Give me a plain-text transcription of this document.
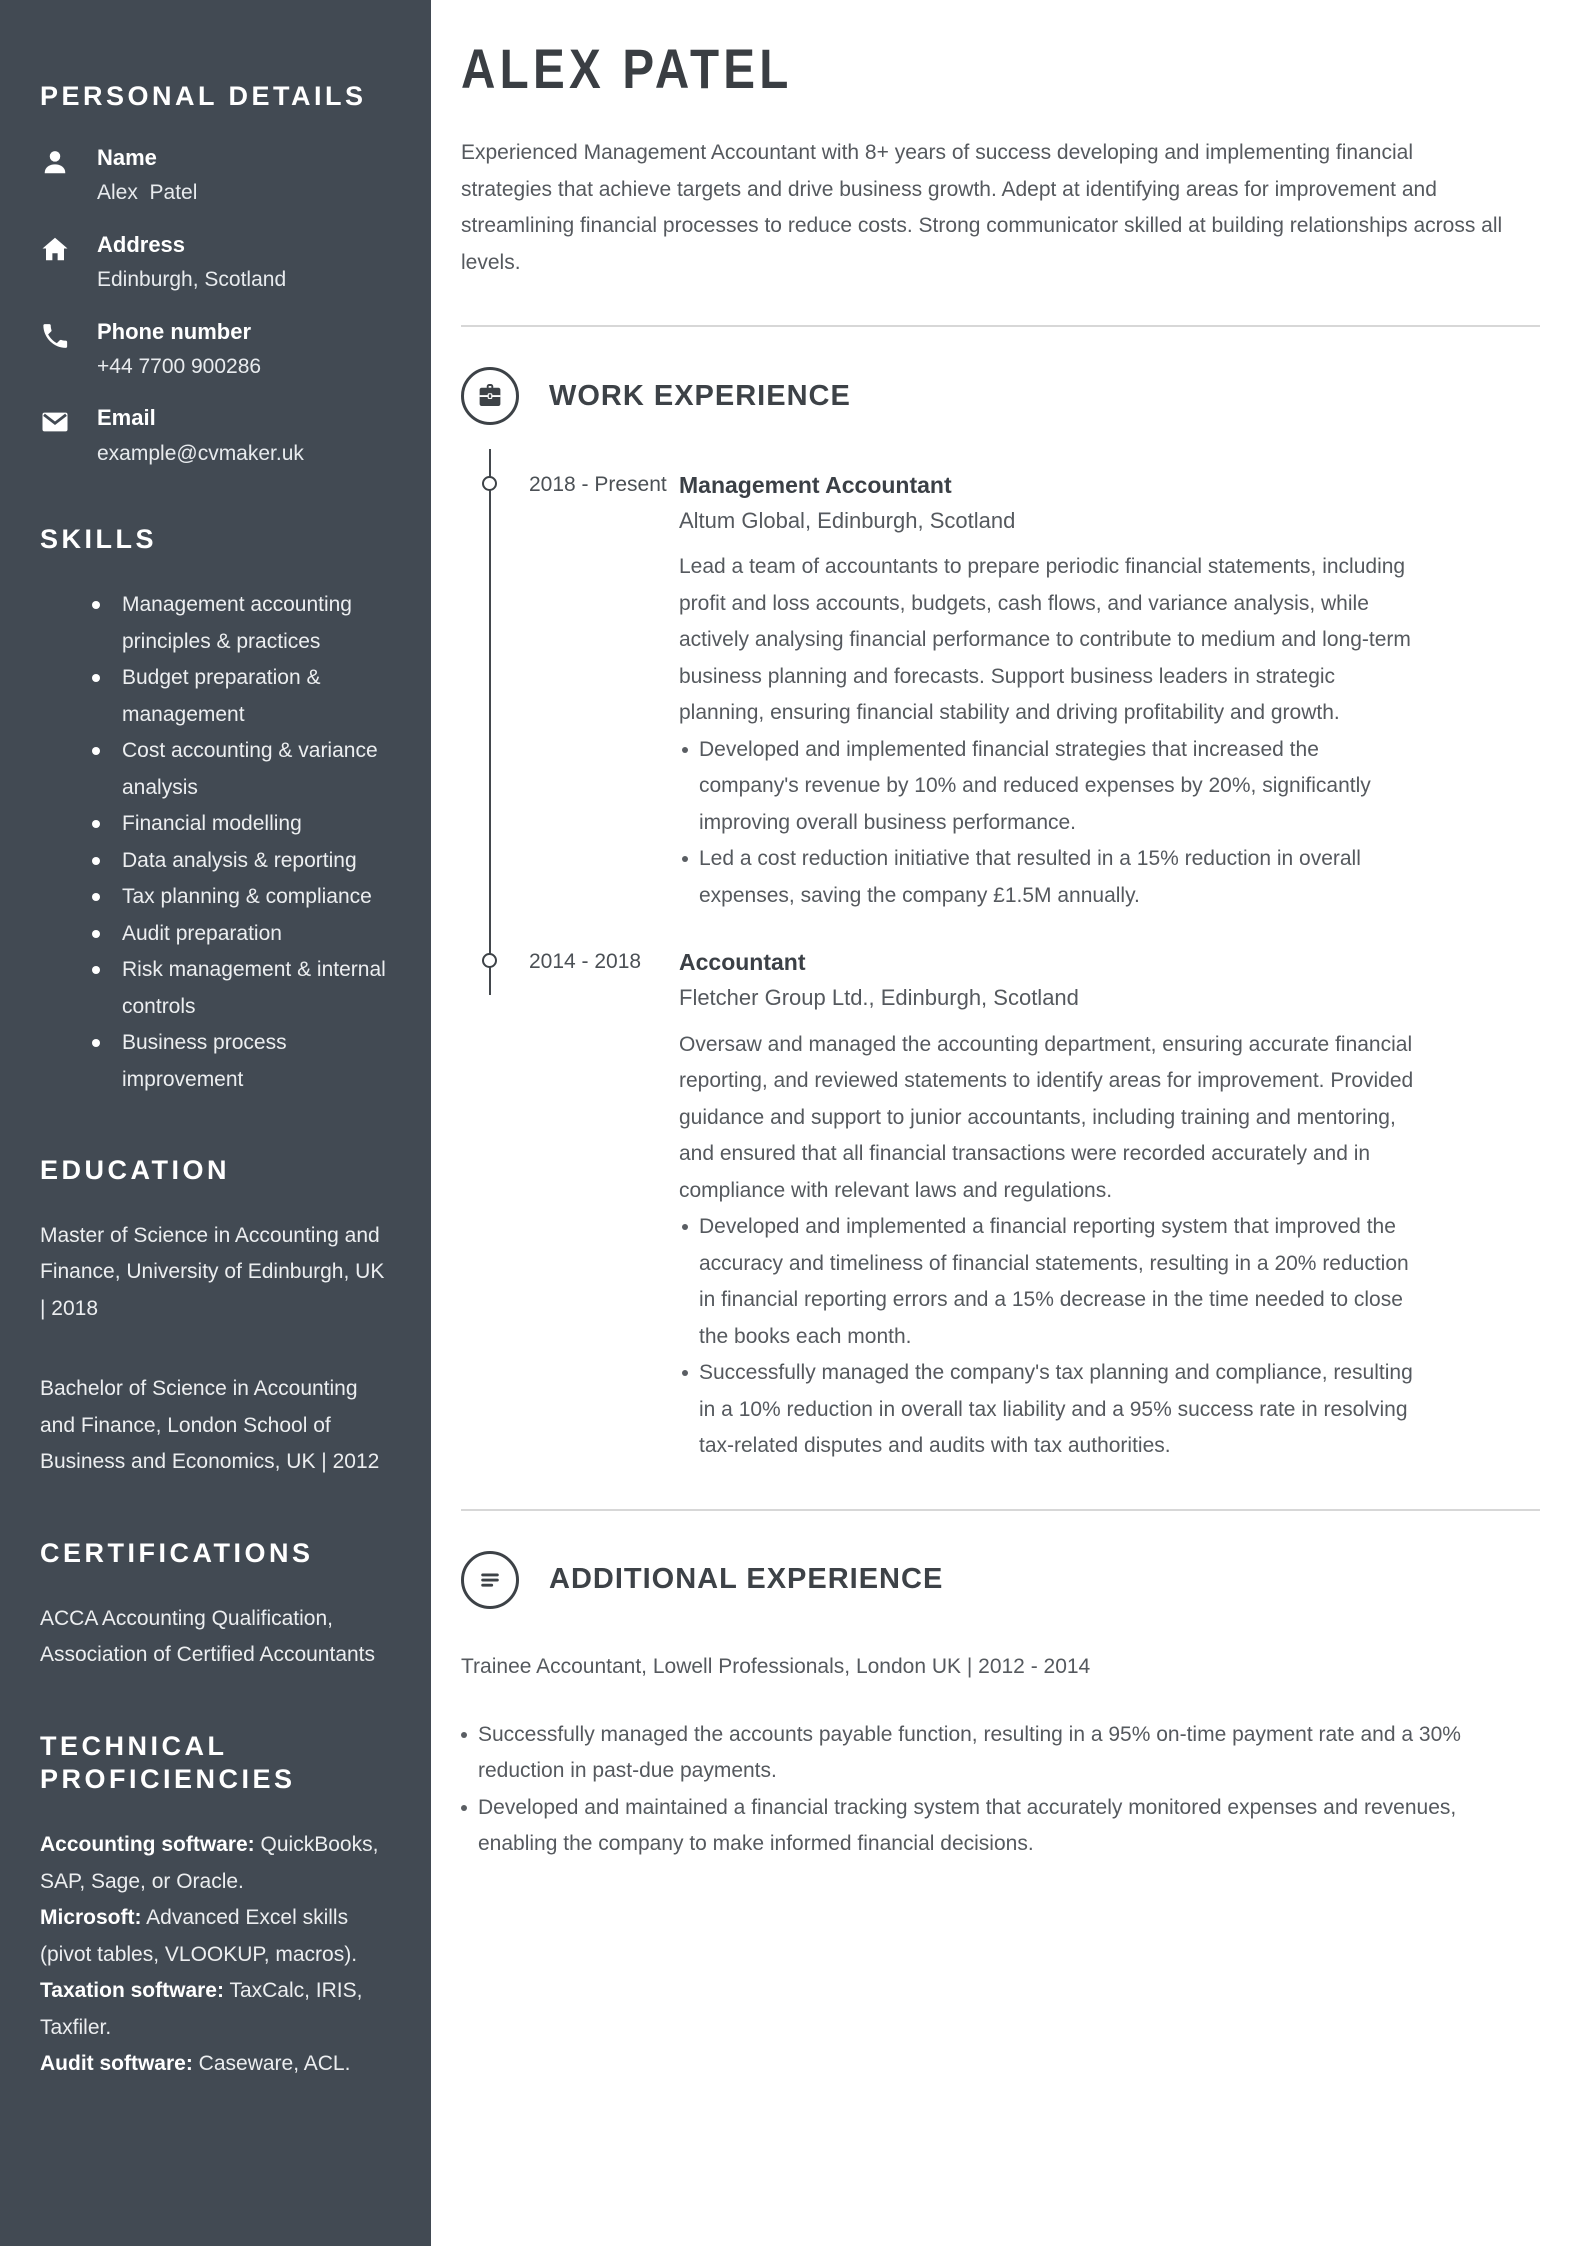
PERSONAL DETAILS
Name
Alex  Patel
Address
Edinburgh, Scotland
Phone number
+44 7700 900286
Email
example@cvmaker.uk
SKILLS
Management accounting principles & practices
Budget preparation & management
Cost accounting & variance analysis
Financial modelling
Data analysis & reporting
Tax planning & compliance
Audit preparation
Risk management & internal controls
Business process improvement
EDUCATION

Master of Science in Accounting and Finance, University of Edinburgh, UK | 2018

Bachelor of Science in Accounting and Finance, London School of Business and Economics, UK | 2012

CERTIFICATIONS

ACCA Accounting Qualification, Association of Certified Accountants

TECHNICAL PROFICIENCIES
Accounting software: QuickBooks, SAP, Sage, or Oracle.
Microsoft: Advanced Excel skills (pivot tables, VLOOKUP, macros).
Taxation software: TaxCalc, IRIS, Taxfiler.
Audit software: Caseware, ACL.
ALEX PATEL

Experienced Management Accountant with 8+ years of success developing and implementing financial strategies that achieve targets and drive business growth. Adept at identifying areas for improvement and streamlining financial processes to reduce costs. Strong communicator skilled at building relationships across all levels.

WORK EXPERIENCE
2018 - Present Management Accountant
Altum Global, Edinburgh, Scotland

Lead a team of accountants to prepare periodic financial statements, including profit and loss accounts, budgets, cash flows, and variance analysis, while actively analysing financial performance to contribute to medium and long-term business planning and forecasts. Support business leaders in strategic planning, ensuring financial stability and driving profitability and growth.

Developed and implemented financial strategies that increased the company's revenue by 10% and reduced expenses by 20%, significantly improving overall business performance.
Led a cost reduction initiative that resulted in a 15% reduction in overall expenses, saving the company £1.5M annually.
2014 - 2018 Accountant
Fletcher Group Ltd., Edinburgh, Scotland

Oversaw and managed the accounting department, ensuring accurate financial reporting, and reviewed statements to identify areas for improvement. Provided guidance and support to junior accountants, including training and mentoring, and ensured that all financial transactions were recorded accurately and in compliance with relevant laws and regulations.

Developed and implemented a financial reporting system that improved the accuracy and timeliness of financial statements, resulting in a 20% reduction in financial reporting errors and a 15% decrease in the time needed to close the books each month.
Successfully managed the company's tax planning and compliance, resulting in a 10% reduction in overall tax liability and a 95% success rate in resolving tax-related disputes and audits with tax authorities.
ADDITIONAL EXPERIENCE

Trainee Accountant, Lowell Professionals, London UK | 2012 - 2014

Successfully managed the accounts payable function, resulting in a 95% on-time payment rate and a 30% reduction in past-due payments.
Developed and maintained a financial tracking system that accurately monitored expenses and revenues, enabling the company to make informed financial decisions.
